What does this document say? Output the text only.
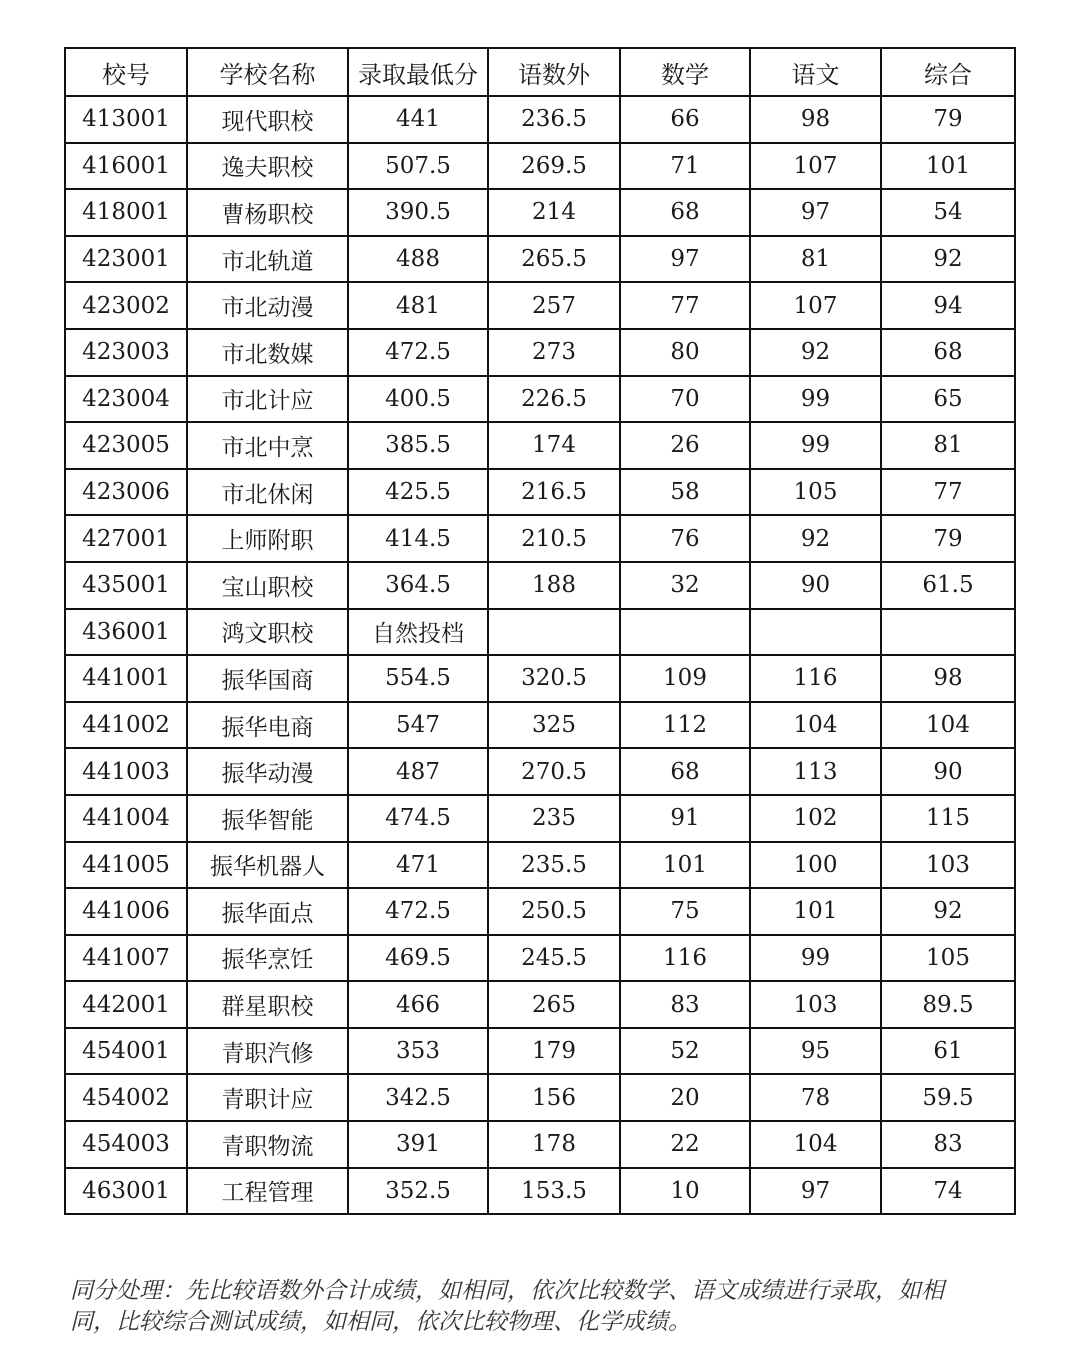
校号	学校名称	录取最低分	语数外	数学	语文	综合
413001	现代职校	441	236.5	66	98	79
416001	逸夫职校	507.5	269.5	71	107	101
418001	曹杨职校	390.5	214	68	97	54
423001	市北轨道	488	265.5	97	81	92
423002	市北动漫	481	257	77	107	94
423003	市北数媒	472.5	273	80	92	68
423004	市北计应	400.5	226.5	70	99	65
423005	市北中烹	385.5	174	26	99	81
423006	市北休闲	425.5	216.5	58	105	77
427001	上师附职	414.5	210.5	76	92	79
435001	宝山职校	364.5	188	32	90	61.5
436001	鸿文职校	自然投档				
441001	振华国商	554.5	320.5	109	116	98
441002	振华电商	547	325	112	104	104
441003	振华动漫	487	270.5	68	113	90
441004	振华智能	474.5	235	91	102	115
441005	振华机器人	471	235.5	101	100	103
441006	振华面点	472.5	250.5	75	101	92
441007	振华烹饪	469.5	245.5	116	99	105
442001	群星职校	466	265	83	103	89.5
454001	青职汽修	353	179	52	95	61
454002	青职计应	342.5	156	20	78	59.5
454003	青职物流	391	178	22	104	83
463001	工程管理	352.5	153.5	10	97	74

同分处理：先比较语数外合计成绩，如相同，依次比较数学、语文成绩进行录取，如相

同，比较综合测试成绩，如相同，依次比较物理、化学成绩。
